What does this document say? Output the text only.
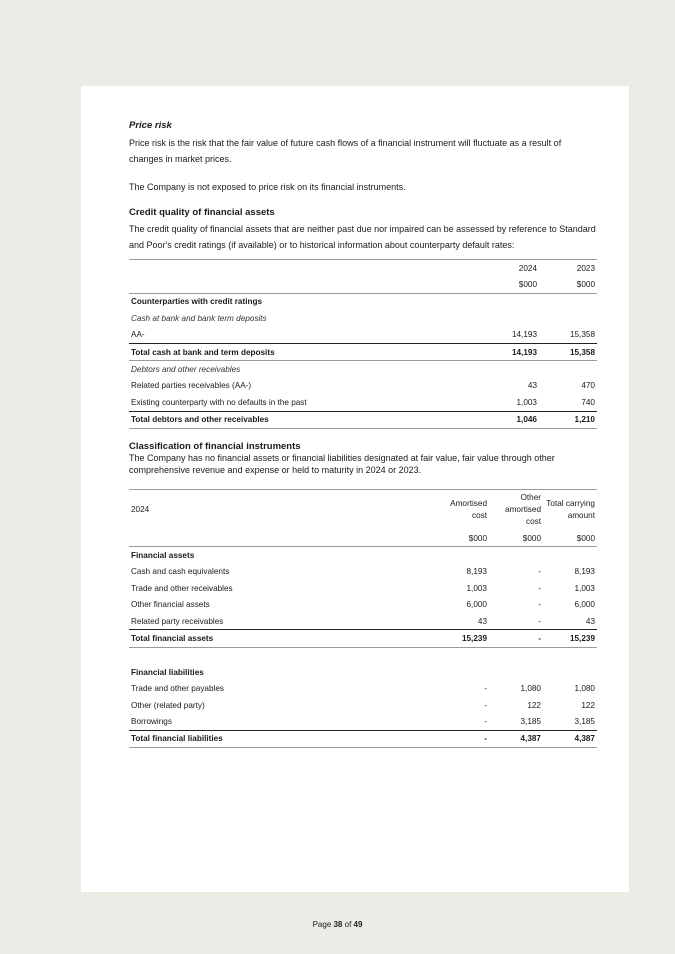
Price risk

Price risk is the risk that the fair value of future cash flows of a financial instrument will fluctuate as a result of changes in market prices.

The Company is not exposed to price risk on its financial instruments.

Credit quality of financial assets

The credit quality of financial assets that are neither past due nor impaired can be assessed by reference to Standard and Poor's credit ratings (if available) or to historical information about counterparty default rates:

	2024	2023
	$000	$000
Counterparties with credit ratings		
Cash at bank and bank term deposits		
AA-	14,193	15,358
Total cash at bank and term deposits	14,193	15,358
Debtors and other receivables		
Related parties receivables (AA-)	43	470
Existing counterparty with no defaults in the past	1,003	740
Total debtors and other receivables	1,046	1,210
Classification of financial instruments

The Company has no financial assets or financial liabilities designated at fair value, fair value through other comprehensive revenue and expense or held to maturity in 2024 or 2023.

2024	Amortised cost	Other amortised cost	Total carrying amount
	$000	$000	$000
Financial assets			
Cash and cash equivalents	8,193	-	8,193
Trade and other receivables	1,003	-	1,003
Other financial assets	6,000	-	6,000
Related party receivables	43	-	43
Total financial assets	15,239	-	15,239

Financial liabilities			
Trade and other payables	-	1,080	1,080
Other (related party)	-	122	122
Borrowings	-	3,185	3,185
Total financial liabilities	-	4,387	4,387
Page 38 of 49
